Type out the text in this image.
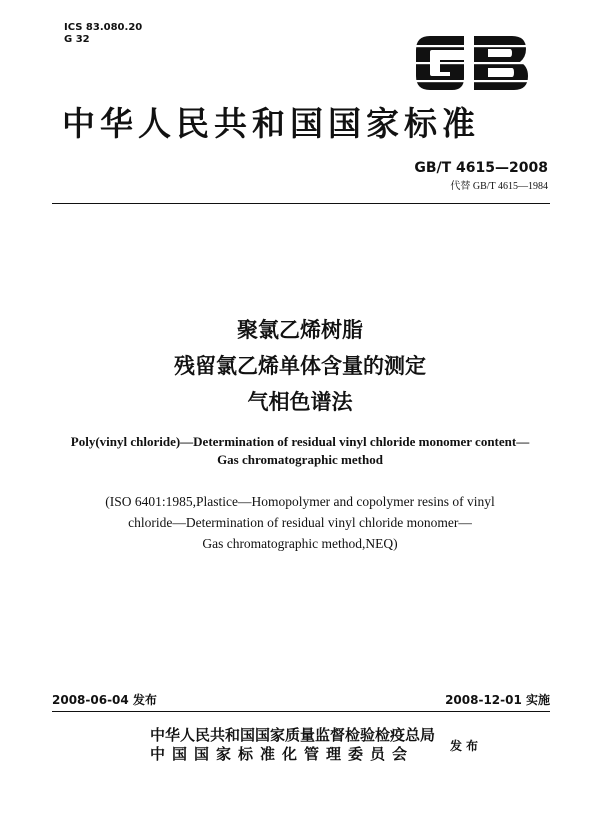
ICS 83.080.20
G 32
中华人民共和国国家标准
GB/T 4615—2008
代替 GB/T 4615—1984
聚氯乙烯树脂
残留氯乙烯单体含量的测定
气相色谱法
Poly(vinyl chloride)—Determination of residual vinyl chloride monomer content—
Gas chromatographic method
(ISO 6401:1985,Plastice—Homopolymer and copolymer resins of vinyl
chloride—Determination of residual vinyl chloride monomer—
Gas chromatographic method,NEQ)
2008-06-04 发布	2008-12-01 实施
中华人民共和国国家质量监督检验检疫总局
中国国家标准化管理委员会	发布
